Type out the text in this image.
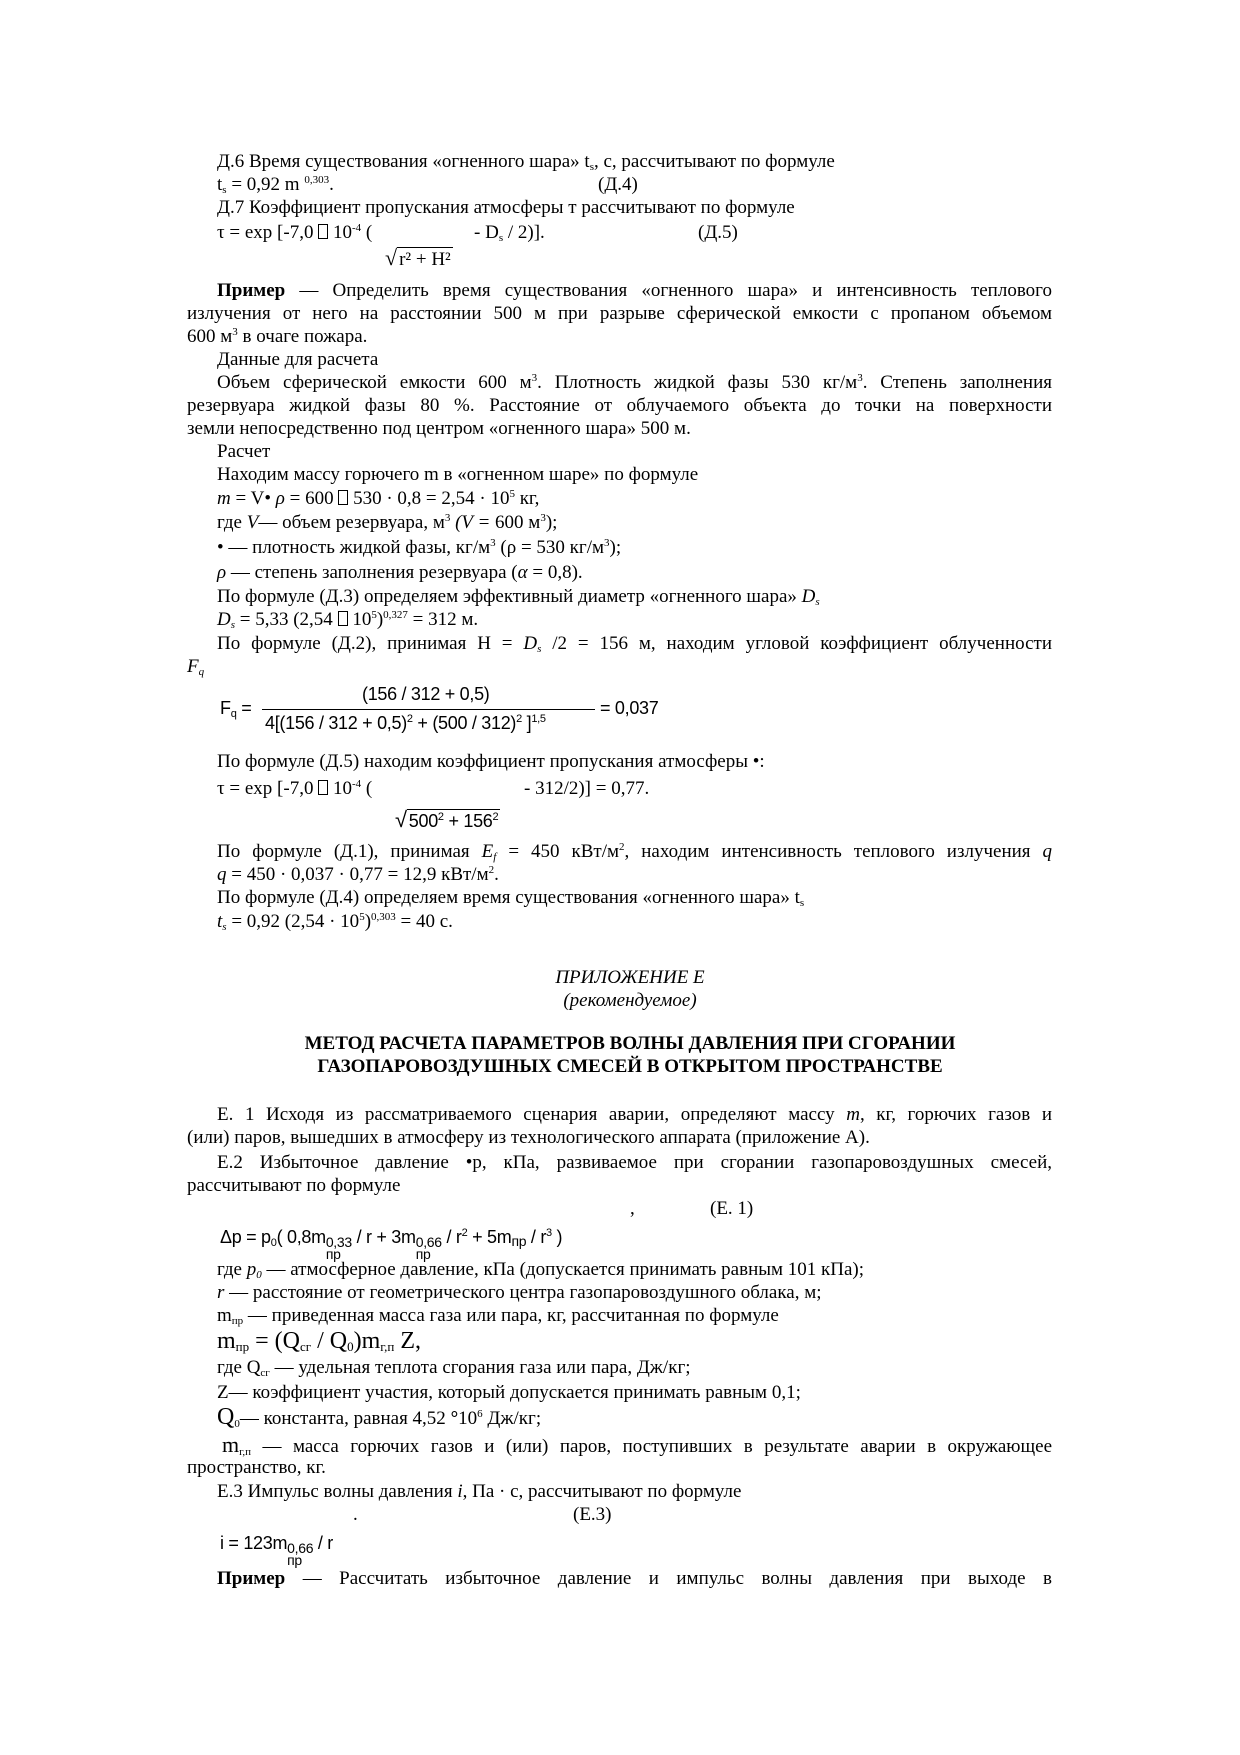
Д.6 Время существования «огненного шара» $t_s$, с, рассчитывают по формуле
$t_s = 0,92$ m $^{0,303}$.	(Д.4)
Д.7 Коэффициент пропускания атмосферы т рассчитывают по формуле
τ = exp [-7,0  $10^{-4}$ (	- $D_s / 2$)].	(Д.5)
√ r² + H²
Пример — Определить время существования «огненного шара» и интенсивность теплового
излучения от него на расстоянии 500 м при разрыве сферической емкости с пропаном объемом
600 $м^3$ в очаге пожара.
Данные для расчета
Объем сферической емкости 600 $м^3$. Плотность жидкой фазы 530 $кг/м^3$. Степень заполнения
резервуара жидкой фазы 80 %. Расстояние от облучаемого объекта до точки на поверхности
земли непосредственно под центром «огненного шара» 500 м.
Расчет
Находим массу горючего m в «огненном шаре» по формуле
m = V• ρ = 600  $530 \cdot 0,8 = 2,54 \cdot 10^5$ кг,
где V— объем резервуара, $м^3$ (V = 600 $м^3$);
• — плотность жидкой фазы, $кг/м^3$ (ρ = 530 $кг/м^3$);
ρ — степень заполнения резервуара (α = 0,8).
По формуле (Д.3) определяем эффективный диаметр «огненного шара» $D_s$
$D_s = 5,33$ (2,54  $10^5)^{0,327} = 312$ м.
По формуле (Д.2), принимая $H = D_s$ /2 = 156 м, находим угловой коэффициент облученности
$F_q$
$F_q$ =
(156 / 312 + 0,5)
$4[(156 / 312 + 0,5)^2 + (500 / 312)^2$ ]$^{1,5}$
= 0,037
По формуле (Д.5) находим коэффициент пропускания атмосферы •:
τ = exp [-7,0  $10^{-4}$ (	- 312/2)] = 0,77.
√ $500^2 + 156^2$
По формуле (Д.1), принимая $E_f = 450$ кВт/$м^2$, находим интенсивность теплового излучения q
q = 450 · 0,037 · 0,77 = 12,9 кВт/$м^2$.
По формуле (Д.4) определяем время существования «огненного шара» $t_s$
$t_s = 0,92$ $(2,54 \cdot 10^5)^{0,303} = 40$ с.
ПРИЛОЖЕНИЕ Е
(рекомендуемое)
МЕТОД РАСЧЕТА ПАРАМЕТРОВ ВОЛНЫ ДАВЛЕНИЯ ПРИ СГОРАНИИ
ГАЗОПАРОВОЗДУШНЫХ СМЕСЕЙ В ОТКРЫТОМ ПРОСТРАНСТВЕ
Е. 1 Исходя из рассматриваемого сценария аварии, определяют массу m, кг, горючих газов и
(или) паров, вышедших в атмосферу из технологического аппарата (приложение А).
Е.2 Избыточное давление •р, кПа, развиваемое при сгорании газопаровоздушных смесей,
рассчитывают по формуле
,	(Е. 1)
$\Delta p = p_0$( 0,8m 0,33
пр
/ r + 3m 0,66
пр
/ $r^2 + 5m_{пр} / r^3$ )
где $p_0$ — атмосферное давление, кПа (допускается принимать равным 101 кПа);
r — расстояние от геометрического центра газопаровоздушного облака, м;
$m_{пр}$ — приведенная масса газа или пара, кг, рассчитанная по формуле
$m_{пр} = (Q_{сг} / Q_0)m_{г,п}$ Z,
где $Q_{сг}$ — удельная теплота сгорания газа или пара, Дж/кг;
Z— коэффициент участия, который допускается принимать равным 0,1;
$Q_0—$ константа, равная 4,52 $^\circ 10^6$ Дж/кг;
$m_{г,п}$ — масса горючих газов и (или) паров, поступивших в результате аварии в окружающее
пространство, кг.
Е.3 Импульс волны давления i, Па · с, рассчитывают по формуле
.	(Е.3)
i = 123m 0,66
пр
/ r
Пример — Рассчитать избыточное давление и импульс волны давления при выходе в
